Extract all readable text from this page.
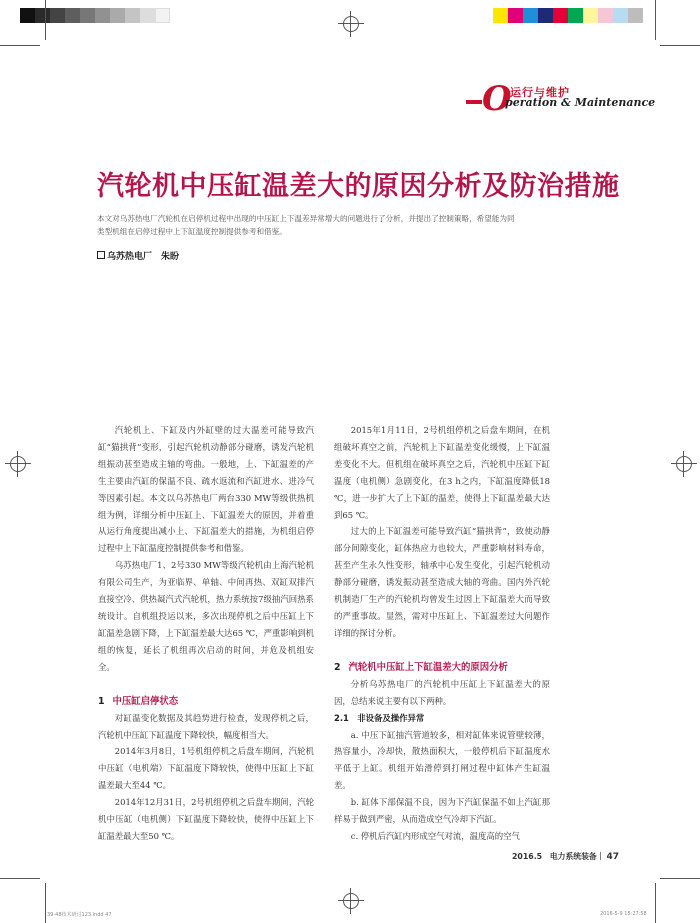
O
运行与维护
peration & Maintenance
汽轮机中压缸温差大的原因分析及防治措施
本文对乌苏热电厂汽轮机在启停机过程中出现的中压缸上下温差异常增大的问题进行了分析，并提出了控制策略，希望能为同类型机组在启停过程中上下缸温度控制提供参考和借鉴。
乌苏热电厂　朱盼

汽轮机上、下缸及内外缸壁的过大温差可能导致汽缸“猫拱背”变形，引起汽轮机动静部分碰磨，诱发汽轮机组振动甚至造成主轴的弯曲。一般地，上、下缸温差的产生主要由汽缸的保温不良、疏水返流和汽缸进水、进冷气等因素引起。本文以乌苏热电厂两台330 MW等级供热机组为例，详细分析中压缸上、下缸温差大的原因，并着重从运行角度提出减小上、下缸温差大的措施，为机组启停过程中上下缸温度控制提供参考和借鉴。

乌苏热电厂1、2号330 MW等级汽轮机由上海汽轮机有限公司生产，为亚临界、单轴、中间再热、双缸双排汽直接空冷、供热凝汽式汽轮机，热力系统按7级抽汽回热系统设计。自机组投运以来，多次出现停机之后中压缸上下缸温差急剧下降，上下缸温差最大达65 ℃，严重影响到机组的恢复，延长了机组再次启动的时间，并危及机组安全。

1 中压缸启停状态

对缸温变化数据及其趋势进行检查，发现停机之后，汽轮机中压缸下缸温度下降较快，幅度相当大。

2014年3月8日，1号机组停机之后盘车期间，汽轮机中压缸（电机端）下缸温度下降较快，使得中压缸上下缸温差最大至44 ℃。

2014年12月31日，2号机组停机之后盘车期间，汽轮机中压缸（电机侧）下缸温度下降较快，使得中压缸上下缸温差最大至50 ℃。

2015年1月11日，2号机组停机之后盘车期间，在机组破坏真空之前，汽轮机上下缸温差变化缓慢，上下缸温差变化不大。但机组在破坏真空之后，汽轮机中压缸下缸温度（电机侧）急剧变化，在3 h之内，下缸温度降低18 ℃，进一步扩大了上下缸的温差，使得上下缸温差最大达到65 ℃。

过大的上下缸温差可能导致汽缸“猫拱背”，致使动静部分间隙变化，缸体热应力也较大，严重影响材料寿命，甚至产生永久性变形，轴承中心发生变化，引起汽轮机动静部分碰磨，诱发振动甚至造成大轴的弯曲。国内外汽轮机制造厂生产的汽轮机均曾发生过因上下缸温差大而导致的严重事故。显然，需对中压缸上、下缸温差过大问题作详细的探讨分析。

2 汽轮机中压缸上下缸温差大的原因分析

分析乌苏热电厂的汽轮机中压缸上下缸温差大的原因，总结来说主要有以下两种。

2.1　非设备及操作异常

a. 中压下缸抽汽管道较多，相对缸体来说管壁较薄，热容量小，冷却快，散热面积大，一般停机后下缸温度水平低于上缸。机组开始滑停到打闸过程中缸体产生缸温差。

b. 缸体下部保温不良，因为下汽缸保温不如上汽缸那样易于做到严密，从而造成空气冷却下汽缸。

c. 停机后汽缸内形成空气对流，温度高的空气

2016.5　电力系统装备｜ 47
39-48技术研讨123.indd 47	2016-5-9 15:27:58
